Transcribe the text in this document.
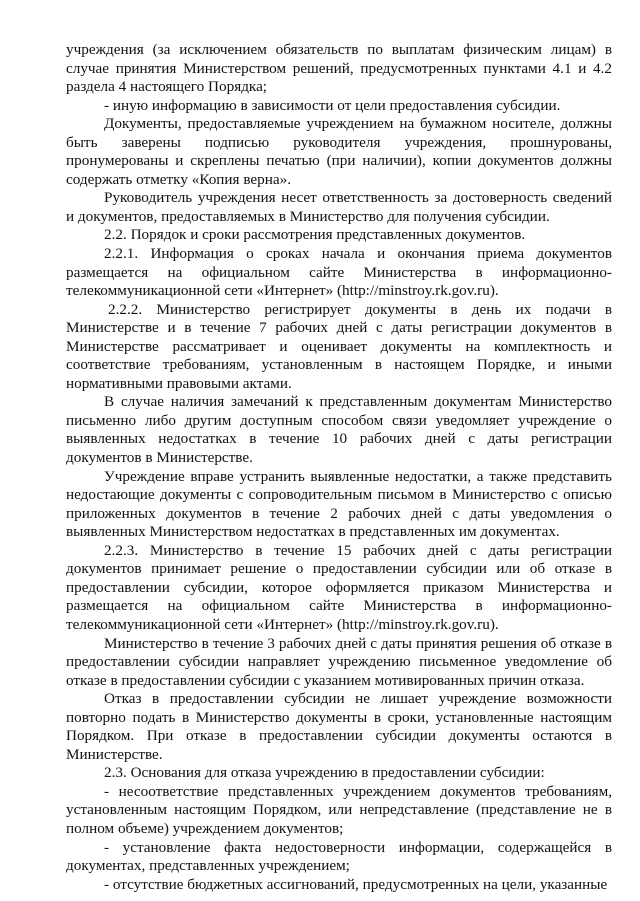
учреждения (за исключением обязательств по выплатам физическим лицам) в случае принятия Министерством решений, предусмотренных пунктами 4.1 и 4.2 раздела 4 настоящего Порядка;

- иную информацию в зависимости от цели предоставления субсидии.

Документы, предоставляемые учреждением на бумажном носителе, должны быть заверены подписью руководителя учреждения, прошнурованы, пронумерованы и скреплены печатью (при наличии), копии документов должны содержать отметку «Копия верна».

Руководитель учреждения несет ответственность за достоверность сведений и документов, предоставляемых в Министерство для получения субсидии.

2.2. Порядок и сроки рассмотрения представленных документов.

2.2.1. Информация о сроках начала и окончания приема документов размещается на официальном сайте Министерства в информационно-телекоммуникационной сети «Интернет» (http://minstroy.rk.gov.ru).

2.2.2. Министерство регистрирует документы в день их подачи в Министерстве и в течение 7 рабочих дней с даты регистрации документов в Министерстве рассматривает и оценивает документы на комплектность и соответствие требованиям, установленным в настоящем Порядке, и иными нормативными правовыми актами.

В случае наличия замечаний к представленным документам Министерство письменно либо другим доступным способом связи уведомляет учреждение о выявленных недостатках в течение 10 рабочих дней с даты регистрации документов в Министерстве.

Учреждение вправе устранить выявленные недостатки, а также представить недостающие документы с сопроводительным письмом в Министерство с описью приложенных документов в течение 2 рабочих дней с даты уведомления о выявленных Министерством недостатках в представленных им документах.

2.2.3. Министерство в течение 15 рабочих дней с даты регистрации документов принимает решение о предоставлении субсидии или об отказе в предоставлении субсидии, которое оформляется приказом Министерства и размещается на официальном сайте Министерства в информационно-телекоммуникационной сети «Интернет» (http://minstroy.rk.gov.ru).

Министерство в течение 3 рабочих дней с даты принятия решения об отказе в предоставлении субсидии направляет учреждению письменное уведомление об отказе в предоставлении субсидии с указанием мотивированных причин отказа.

Отказ в предоставлении субсидии не лишает учреждение возможности повторно подать в Министерство документы в сроки, установленные настоящим Порядком. При отказе в предоставлении субсидии документы остаются в Министерстве.

2.3. Основания для отказа учреждению в предоставлении субсидии:

- несоответствие представленных учреждением документов требованиям, установленным настоящим Порядком, или непредставление (представление не в полном объеме) учреждением документов;

- установление факта недостоверности информации, содержащейся в документах, представленных учреждением;

- отсутствие бюджетных ассигнований, предусмотренных на цели, указанные
